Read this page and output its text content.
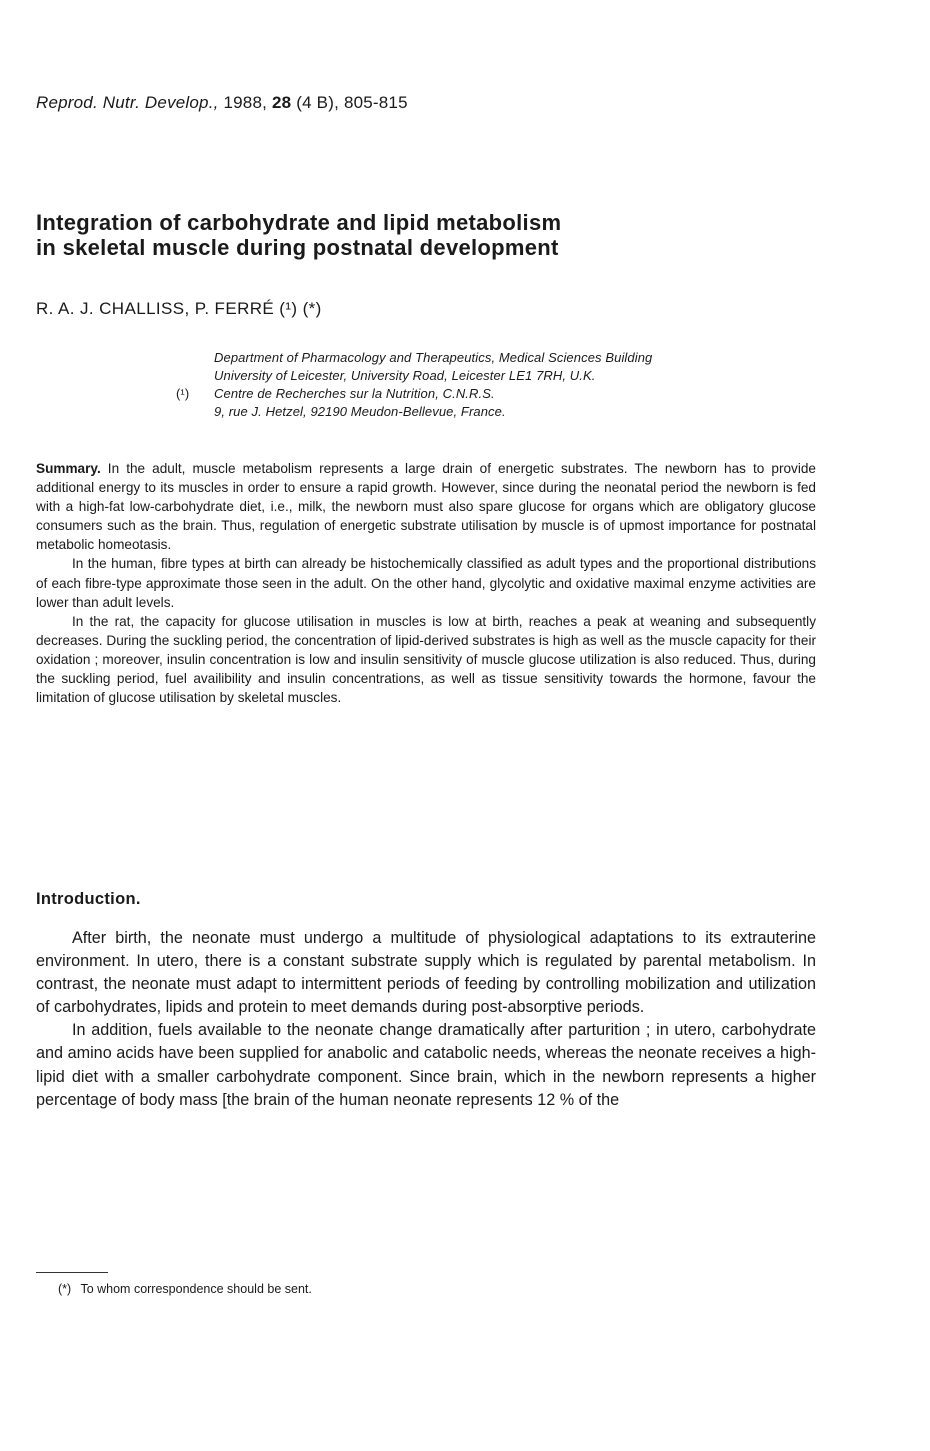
Reprod. Nutr. Develop., 1988, 28 (4 B), 805-815
Integration of carbohydrate and lipid metabolism
in skeletal muscle during postnatal development
R. A. J. CHALLISS, P. FERRÉ (¹) (*)
Department of Pharmacology and Therapeutics, Medical Sciences Building
University of Leicester, University Road, Leicester LE1 7RH, U.K.
(¹) Centre de Recherches sur la Nutrition, C.N.R.S.
9, rue J. Hetzel, 92190 Meudon-Bellevue, France.

Summary. In the adult, muscle metabolism represents a large drain of energetic substrates. The newborn has to provide additional energy to its muscles in order to ensure a rapid growth. However, since during the neonatal period the newborn is fed with a high-fat low-carbohydrate diet, i.e., milk, the newborn must also spare glucose for organs which are obligatory glucose consumers such as the brain. Thus, regulation of energetic substrate utilisation by muscle is of upmost importance for postnatal metabolic homeotasis.

In the human, fibre types at birth can already be histochemically classified as adult types and the proportional distributions of each fibre-type approximate those seen in the adult. On the other hand, glycolytic and oxidative maximal enzyme activities are lower than adult levels.

In the rat, the capacity for glucose utilisation in muscles is low at birth, reaches a peak at weaning and subsequently decreases. During the suckling period, the concentration of lipid-derived substrates is high as well as the muscle capacity for their oxidation ; moreover, insulin concentration is low and insulin sensitivity of muscle glucose utilization is also reduced. Thus, during the suckling period, fuel availibility and insulin concentrations, as well as tissue sensitivity towards the hormone, favour the limitation of glucose utilisation by skeletal muscles.

Introduction.

After birth, the neonate must undergo a multitude of physiological adaptations to its extrauterine environment. In utero, there is a constant substrate supply which is regulated by parental metabolism. In contrast, the neonate must adapt to intermittent periods of feeding by controlling mobilization and utilization of carbohydrates, lipids and protein to meet demands during post-absorptive periods.

In addition, fuels available to the neonate change dramatically after parturition ; in utero, carbohydrate and amino acids have been supplied for anabolic and catabolic needs, whereas the neonate receives a high-lipid diet with a smaller carbohydrate component. Since brain, which in the newborn represents a higher percentage of body mass [the brain of the human neonate represents 12 % of the

(*) To whom correspondence should be sent.
